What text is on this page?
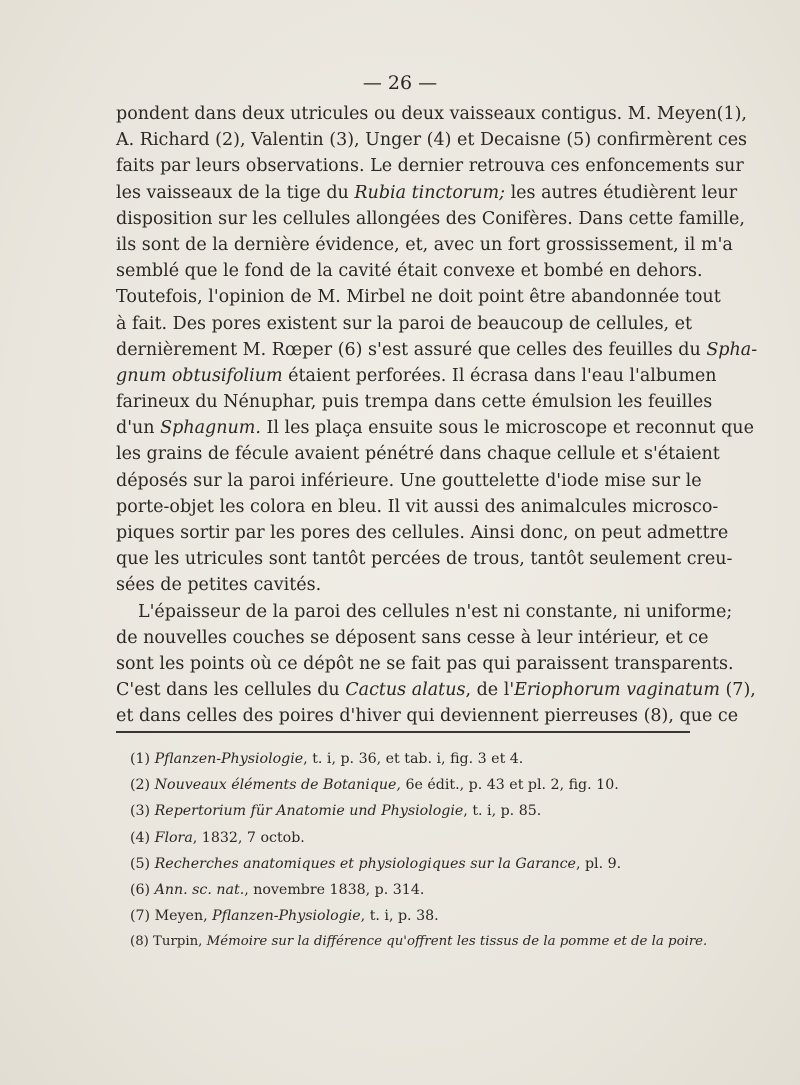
— 26 —
pondent dans deux utricules ou deux vaisseaux contigus. M. Meyen(1),
A. Richard (2), Valentin (3), Unger (4) et Decaisne (5) confirmèrent ces
faits par leurs observations. Le dernier retrouva ces enfoncements sur
les vaisseaux de la tige du Rubia tinctorum; les autres étudièrent leur
disposition sur les cellules allongées des Conifères. Dans cette famille,
ils sont de la dernière évidence, et, avec un fort grossissement, il m'a
semblé que le fond de la cavité était convexe et bombé en dehors.
Toutefois, l'opinion de M. Mirbel ne doit point être abandonnée tout
à fait. Des pores existent sur la paroi de beaucoup de cellules, et
dernièrement M. Rœper (6) s'est assuré que celles des feuilles du Spha-
gnum obtusifolium étaient perforées. Il écrasa dans l'eau l'albumen
farineux du Nénuphar, puis trempa dans cette émulsion les feuilles
d'un Sphagnum. Il les plaça ensuite sous le microscope et reconnut que
les grains de fécule avaient pénétré dans chaque cellule et s'étaient
déposés sur la paroi inférieure. Une gouttelette d'iode mise sur le
porte-objet les colora en bleu. Il vit aussi des animalcules microsco-
piques sortir par les pores des cellules. Ainsi donc, on peut admettre
que les utricules sont tantôt percées de trous, tantôt seulement creu-
sées de petites cavités.
L'épaisseur de la paroi des cellules n'est ni constante, ni uniforme;
de nouvelles couches se déposent sans cesse à leur intérieur, et ce
sont les points où ce dépôt ne se fait pas qui paraissent transparents.
C'est dans les cellules du Cactus alatus, de l'Eriophorum vaginatum (7),
et dans celles des poires d'hiver qui deviennent pierreuses (8), que ce
(1) Pflanzen-Physiologie, t. i, p. 36, et tab. i, fig. 3 et 4.
(2) Nouveaux éléments de Botanique, 6e édit., p. 43 et pl. 2, fig. 10.
(3) Repertorium für Anatomie und Physiologie, t. i, p. 85.
(4) Flora, 1832, 7 octob.
(5) Recherches anatomiques et physiologiques sur la Garance, pl. 9.
(6) Ann. sc. nat., novembre 1838, p. 314.
(7) Meyen, Pflanzen-Physiologie, t. i, p. 38.
(8) Turpin, Mémoire sur la différence qu'offrent les tissus de la pomme et de la poire.
